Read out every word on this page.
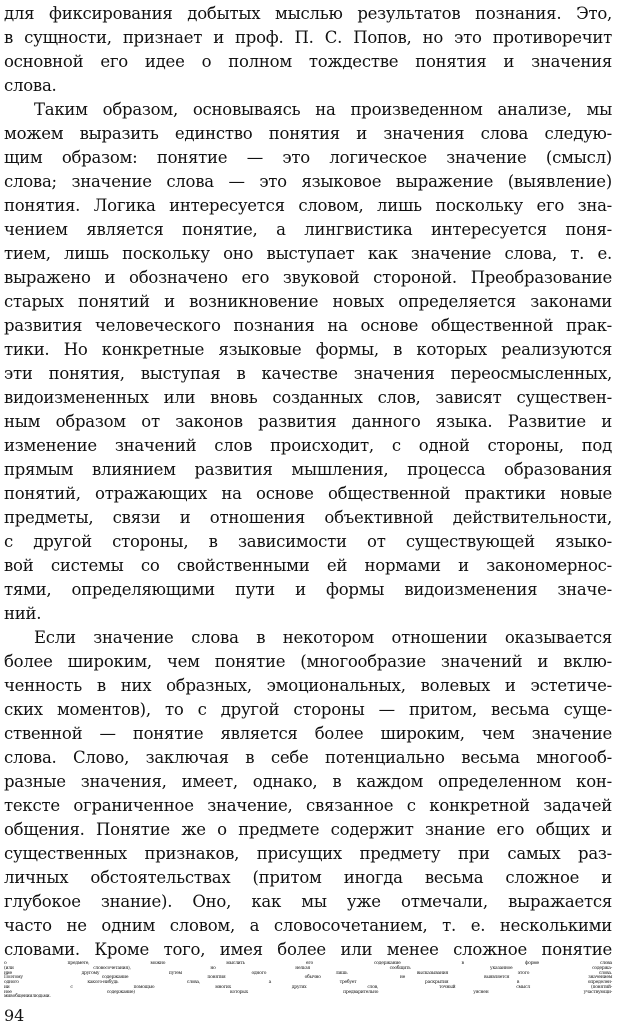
для фиксирования добытых мыслью результатов познания. Это,
в сущности, признает и проф. П. С. Попов, но это противоречит
основной его идее о полном тождестве понятия и значения
слова.
Таким образом, основываясь на произведенном анализе, мы
можем выразить единство понятия и значения слова следую-
щим образом: понятие — это логическое значение (смысл)
слова; значение слова — это языковое выражение (выявление)
понятия. Логика интересуется словом, лишь поскольку его зна-
чением является понятие, а лингвистика интересуется поня-
тием, лишь поскольку оно выступает как значение слова, т. е.
выражено и обозначено его звуковой стороной. Преобразование
старых понятий и возникновение новых определяется законами
развития человеческого познания на основе общественной прак-
тики. Но конкретные языковые формы, в которых реализуются
эти понятия, выступая в качестве значения переосмысленных,
видоизмененных или вновь созданных слов, зависят существен-
ным образом от законов развития данного языка. Развитие и
изменение значений слов происходит, с одной стороны, под
прямым влиянием развития мышления, процесса образования
понятий, отражающих на основе общественной практики новые
предметы, связи и отношения объективной действительности,
с другой стороны, в зависимости от существующей языко-
вой системы со свойственными ей нормами и закономернос-
тями, определяющими пути и формы видоизменения значе-
ний.
Если значение слова в некотором отношении оказывается
более широким, чем понятие (многообразие значений и вклю-
ченность в них образных, эмоциональных, волевых и эстетиче-
ских моментов), то с другой стороны — притом, весьма суще-
ственной — понятие является более широким, чем значение
слова. Слово, заключая в себе потенциально весьма многооб-
разные значения, имеет, однако, в каждом определенном кон-
тексте ограниченное значение, связанное с конкретной задачей
общения. Понятие же о предмете содержит знание его общих и
существенных признаков, присущих предмету при самых раз-
личных обстоятельствах (притом иногда весьма сложное и
глубокое знание). Оно, как мы уже отмечали, выражается
часто не одним словом, а словосочетанием, т. е. несколькими
словами. Кроме того, имея более или менее сложное понятие
о предмете, можно мыслить его содержание в форме слова
(или словосочетания), но нельзя сообщить указанное содержа-
ние другому путем одного лишь высказывания этого слова.
Поэтому содержание понятия обычно не выявляется значением
одного какого-нибудь слова, а требует раскрытия в определен-
ии с помощью многих других слов, точный смысл (понятий-
ное содержание) которых предварительно уяснен участвующи-
ми в общении людьми.
94
